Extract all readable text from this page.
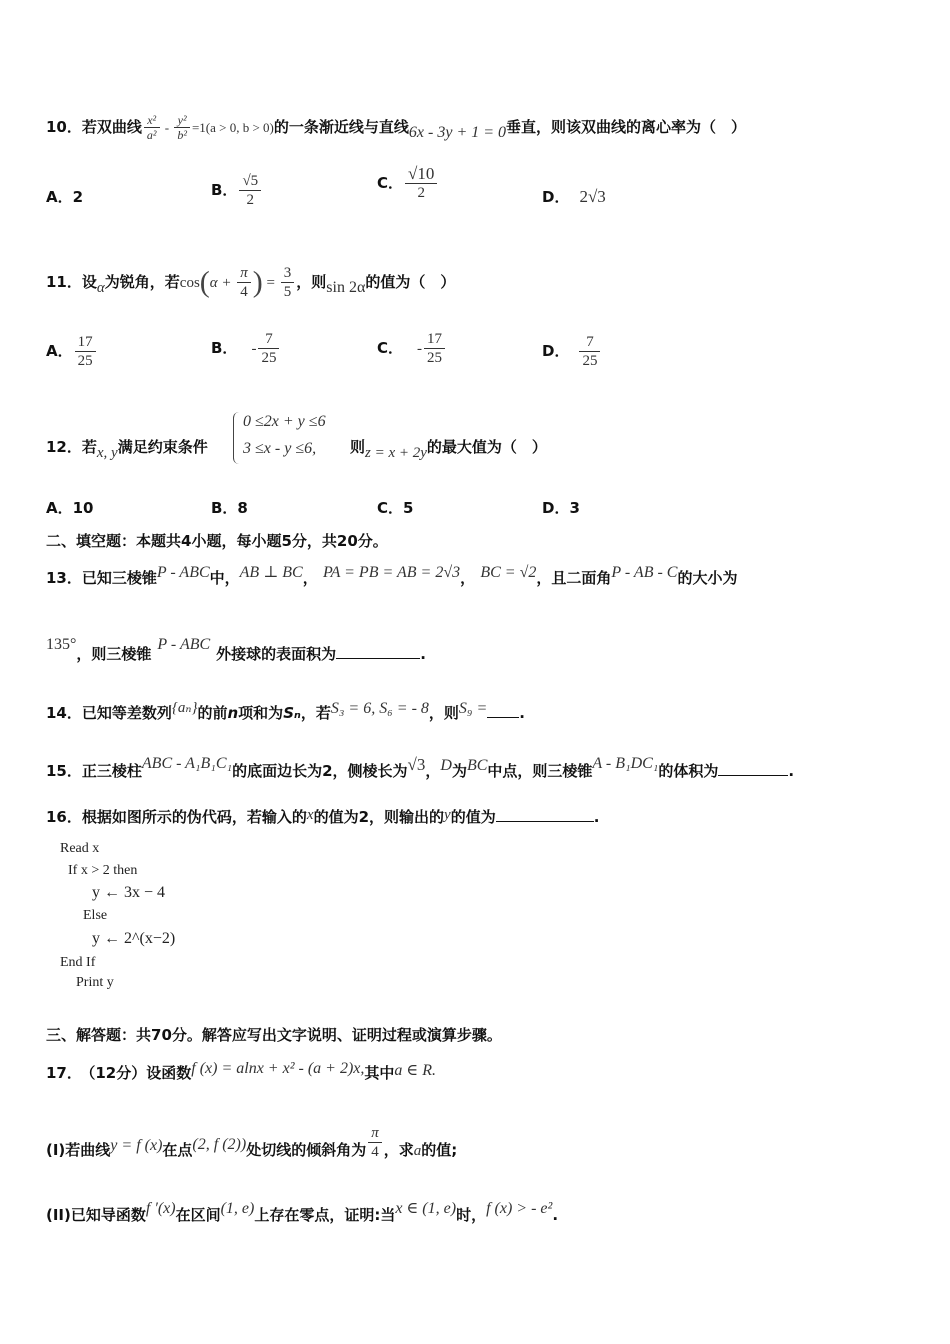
10．若双曲线 $\frac{\text{x²}}{\text{a²}} - \frac{\text{y²}}{\text{b²}} =1(a > 0$, b > 0)的一条渐近线与直线6x - 3y + 1 = 0垂直，则该双曲线的离心率为（　）
A．2	B． $\frac{√5}{2}$	C． $\frac{√10}{2}$	D． 2√3
11．设α为锐角，若$\cos(\alpha + \frac{\pi}{4}$ ) = $\frac{3}{5}$ ，则sin 2α的值为（　）
A． $\frac{17}{25}$	B． - $\frac{7}{25}$	C． - $\frac{17}{25}$	D． $\frac{7}{25}$
12．若x, y满足约束条件
0 ≤2x + y ≤6
3 ≤x - y ≤6, 则z = x + 2y的最大值为（　）
A．10	B．8	C．5	D．3
二、填空题：本题共4小题，每小题5分，共20分。
13．已知三棱锥P - ABC中，AB ⊥ BC， PA = PB = AB = 2√3， BC = √2，且二面角P - AB - C的大小为
135°，则三棱锥P - ABC外接球的表面积为	.
14．已知等差数列{aₙ}的前n项和为Sₙ，若S₃ = 6, S₆ = - 8，则S₉ = .
15．正三棱柱ABC - A₁B₁C₁的底面边长为2，侧棱长为√3，D为BC中点，则三棱锥A - B₁DC₁的体积为	.
16．根据如图所示的伪代码，若输入的x的值为2，则输出的y的值为	.
Read x
If x > 2 then
y ← 3x − 4
Else
y ← 2^(x−2)
End If
Print y
三、解答题：共70分。解答应写出文字说明、证明过程或演算步骤。
17． （12分）设函数f (x) = alnx + x² - (a + 2)x,其中a ∈ R.
(I)若曲线y = f (x)在点(2, f (2))处切线的倾斜角为 $\frac{\pi}{4}$ ，求a的值;
(II)已知导函数f ′(x)在区间(1, e)上存在零点，证明:当x ∈ (1, e)时，f (x) > - e².
